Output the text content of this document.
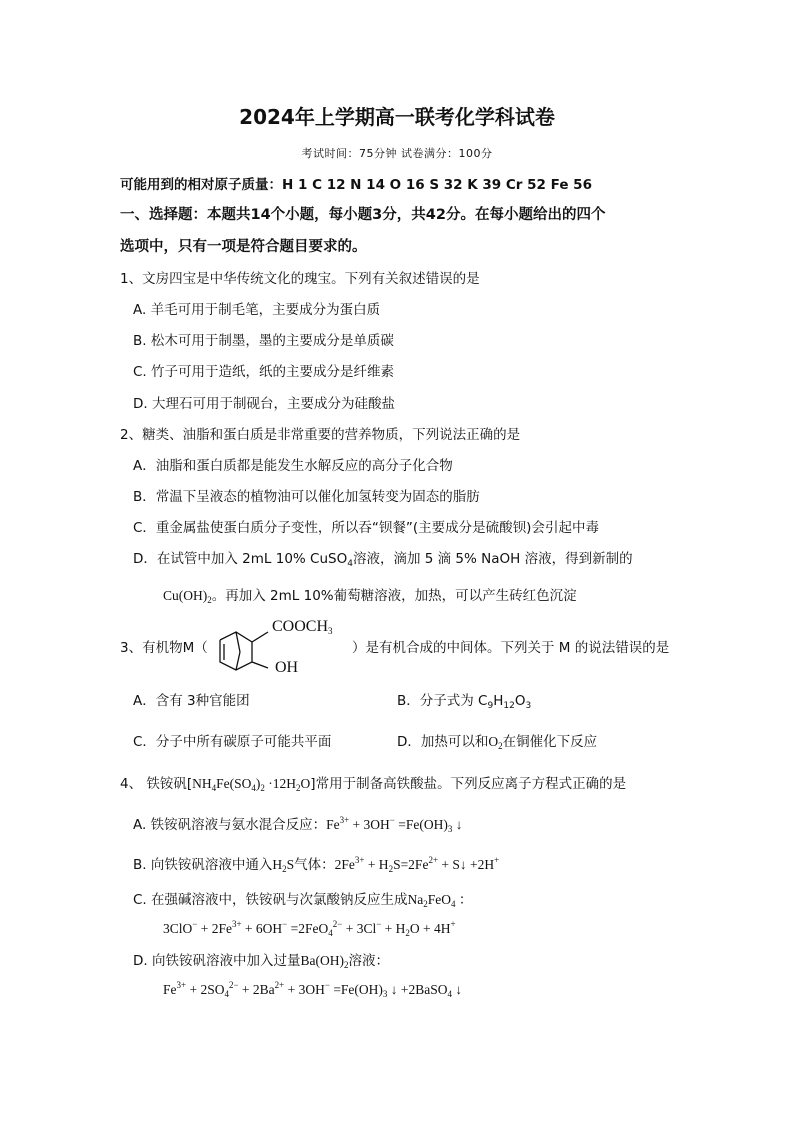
2024年上学期高一联考化学科试卷
考试时间：75分钟 试卷满分：100分
可能用到的相对原子质量：H 1 C 12 N 14 O 16 S 32 K 39 Cr 52 Fe 56
一、选择题：本题共14个小题，每小题3分，共42分。在每小题给出的四个
选项中，只有一项是符合题目要求的。
1、文房四宝是中华传统文化的瑰宝。下列有关叙述错误的是
A. 羊毛可用于制毛笔，主要成分为蛋白质
B. 松木可用于制墨，墨的主要成分是单质碳
C. 竹子可用于造纸，纸的主要成分是纤维素
D. 大理石可用于制砚台，主要成分为硅酸盐
2、糖类、油脂和蛋白质是非常重要的营养物质，下列说法正确的是
A．油脂和蛋白质都是能发生水解反应的高分子化合物
B．常温下呈液态的植物油可以催化加氢转变为固态的脂肪
C．重金属盐使蛋白质分子变性，所以吞“钡餐”(主要成分是硫酸钡)会引起中毒
D．在试管中加入 2mL 10% CuSO$_4$溶液，滴加 5 滴 5% NaOH 溶液，得到新制的
$Cu(OH)_2$。再加入 2mL 10%葡萄糖溶液，加热，可以产生砖红色沉淀
3、有机物M（
$COOCH_3$
OH
）是有机合成的中间体。下列关于 M 的说法错误的是
A．含有 3种官能团	B．分子式为 $C_9H_{12}O_3$
C．分子中所有碳原子可能共平面	D．加热可以和$O_2$在铜催化下反应
4、 铁铵矾$[NH_4Fe(SO_4)_2 \cdot 12H_2O]$常用于制备高铁酸盐。下列反应离子方程式正确的是
A. 铁铵矾溶液与氨水混合反应：$Fe^{3+} + 3OH^- =Fe(OH)_3$ ↓
B. 向铁铵矾溶液中通入$H_2S$气体：$2Fe^{3+} + H_2S=2Fe^{2+}$ + S↓ +2H+
C. 在强碱溶液中，铁铵矾与次氯酸钠反应生成$Na_2FeO_4$ ：
$3ClO^- + 2Fe^{3+} + 6OH^- =2FeO_4^{2-} + 3Cl^- + H_2O + 4H^+$
D. 向铁铵矾溶液中加入过量$Ba(OH)_2$溶液：
$Fe^{3+} + 2SO_4^{2-} + 2Ba^{2+} + 3OH^- =Fe(OH)_3$ ↓ +2BaSO$_4$ ↓
